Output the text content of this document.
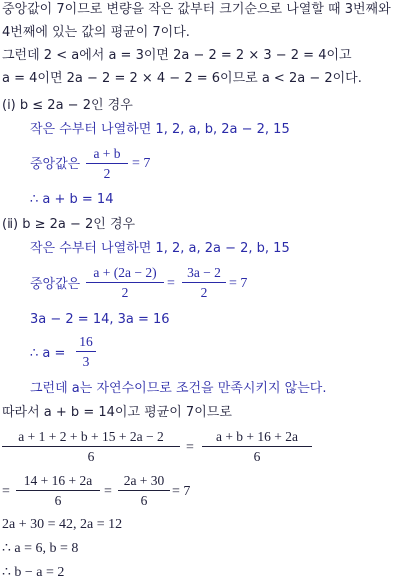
중앙값이 7이므로 변량을 작은 값부터 크기순으로 나열할 때 3번째와
4번째에 있는 값의 평균이 7이다.
그런데 2 < a에서 a = 3이면 2a − 2 = 2 × 3 − 2 = 4이고
a = 4이면 2a − 2 = 2 × 4 − 2 = 6이므로 a < 2a − 2이다.
(ⅰ) b ≤ 2a − 2인 경우
작은 수부터 나열하면 1, 2, a, b, 2a − 2, 15
중앙값은
a + b
2
= 7
∴ a + b = 14
(ⅱ) b ≥ 2a − 2인 경우
작은 수부터 나열하면 1, 2, a, 2a − 2, b, 15
중앙값은
a + (2a − 2)
2
=
3a − 2
2
= 7
3a − 2 = 14, 3a = 16
∴ a =
16
3
그런데 a는 자연수이므로 조건을 만족시키지 않는다.
따라서 a + b = 14이고 평균이 7이므로
a + 1 + 2 + b + 15 + 2a − 2
6
=
a + b + 16 + 2a
6
=
14 + 16 + 2a
6
=
2a + 30
6
= 7
2a + 30 = 42, 2a = 12
∴ a = 6, b = 8
∴ b − a = 2
